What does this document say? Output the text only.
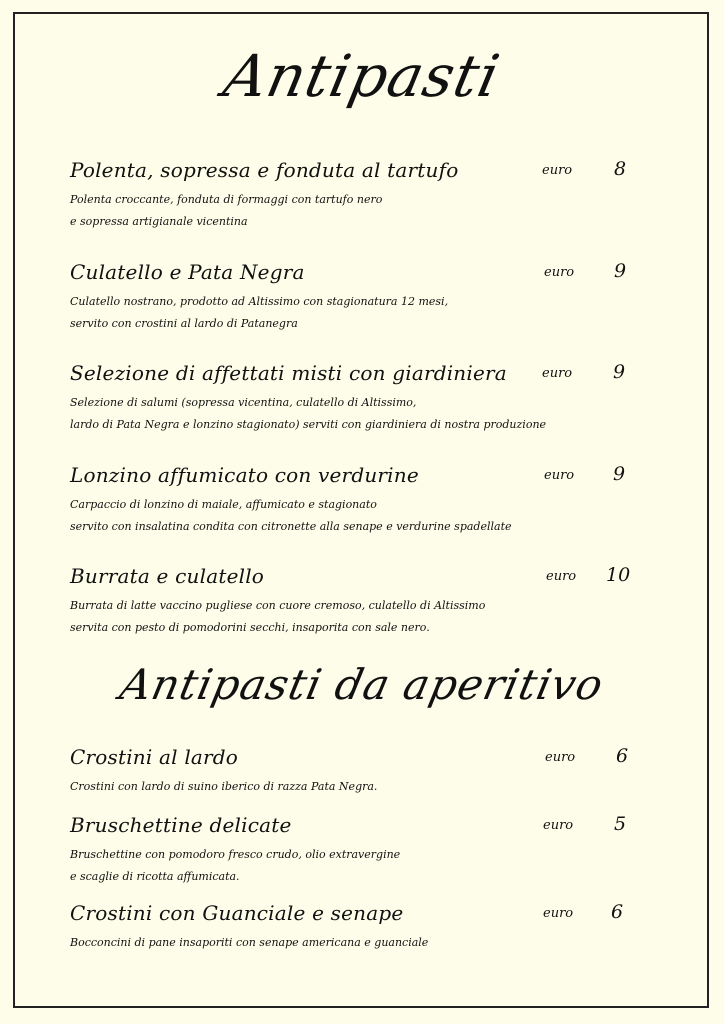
Antipasti
Polenta, sopressa e fonduta al tartufo	euro 8
Polenta croccante, fonduta di formaggi con tartufo nero
e sopressa artigianale vicentina
Culatello e Pata Negra	euro 9
Culatello nostrano, prodotto ad Altissimo con stagionatura 12 mesi,
servito con crostini al lardo di Patanegra
Selezione di affettati misti con giardiniera	euro 9
Selezione di salumi (sopressa vicentina, culatello di Altissimo,
lardo di Pata Negra e lonzino stagionato) serviti con giardiniera di nostra produzione
Lonzino affumicato con verdurine	euro 9
Carpaccio di lonzino di maiale, affumicato e stagionato
servito con insalatina condita con citronette alla senape e verdurine spadellate
Burrata e culatello	euro 10
Burrata di latte vaccino pugliese con cuore cremoso, culatello di Altissimo
servita con pesto di pomodorini secchi, insaporita con sale nero.
Antipasti da aperitivo
Crostini al lardo	euro 6
Crostini con lardo di suino iberico di razza Pata Negra.
Bruschettine delicate	euro 5
Bruschettine con pomodoro fresco crudo, olio extravergine
e scaglie di ricotta affumicata.
Crostini con Guanciale e senape	euro 6
Bocconcini di pane insaporiti con senape americana e guanciale
